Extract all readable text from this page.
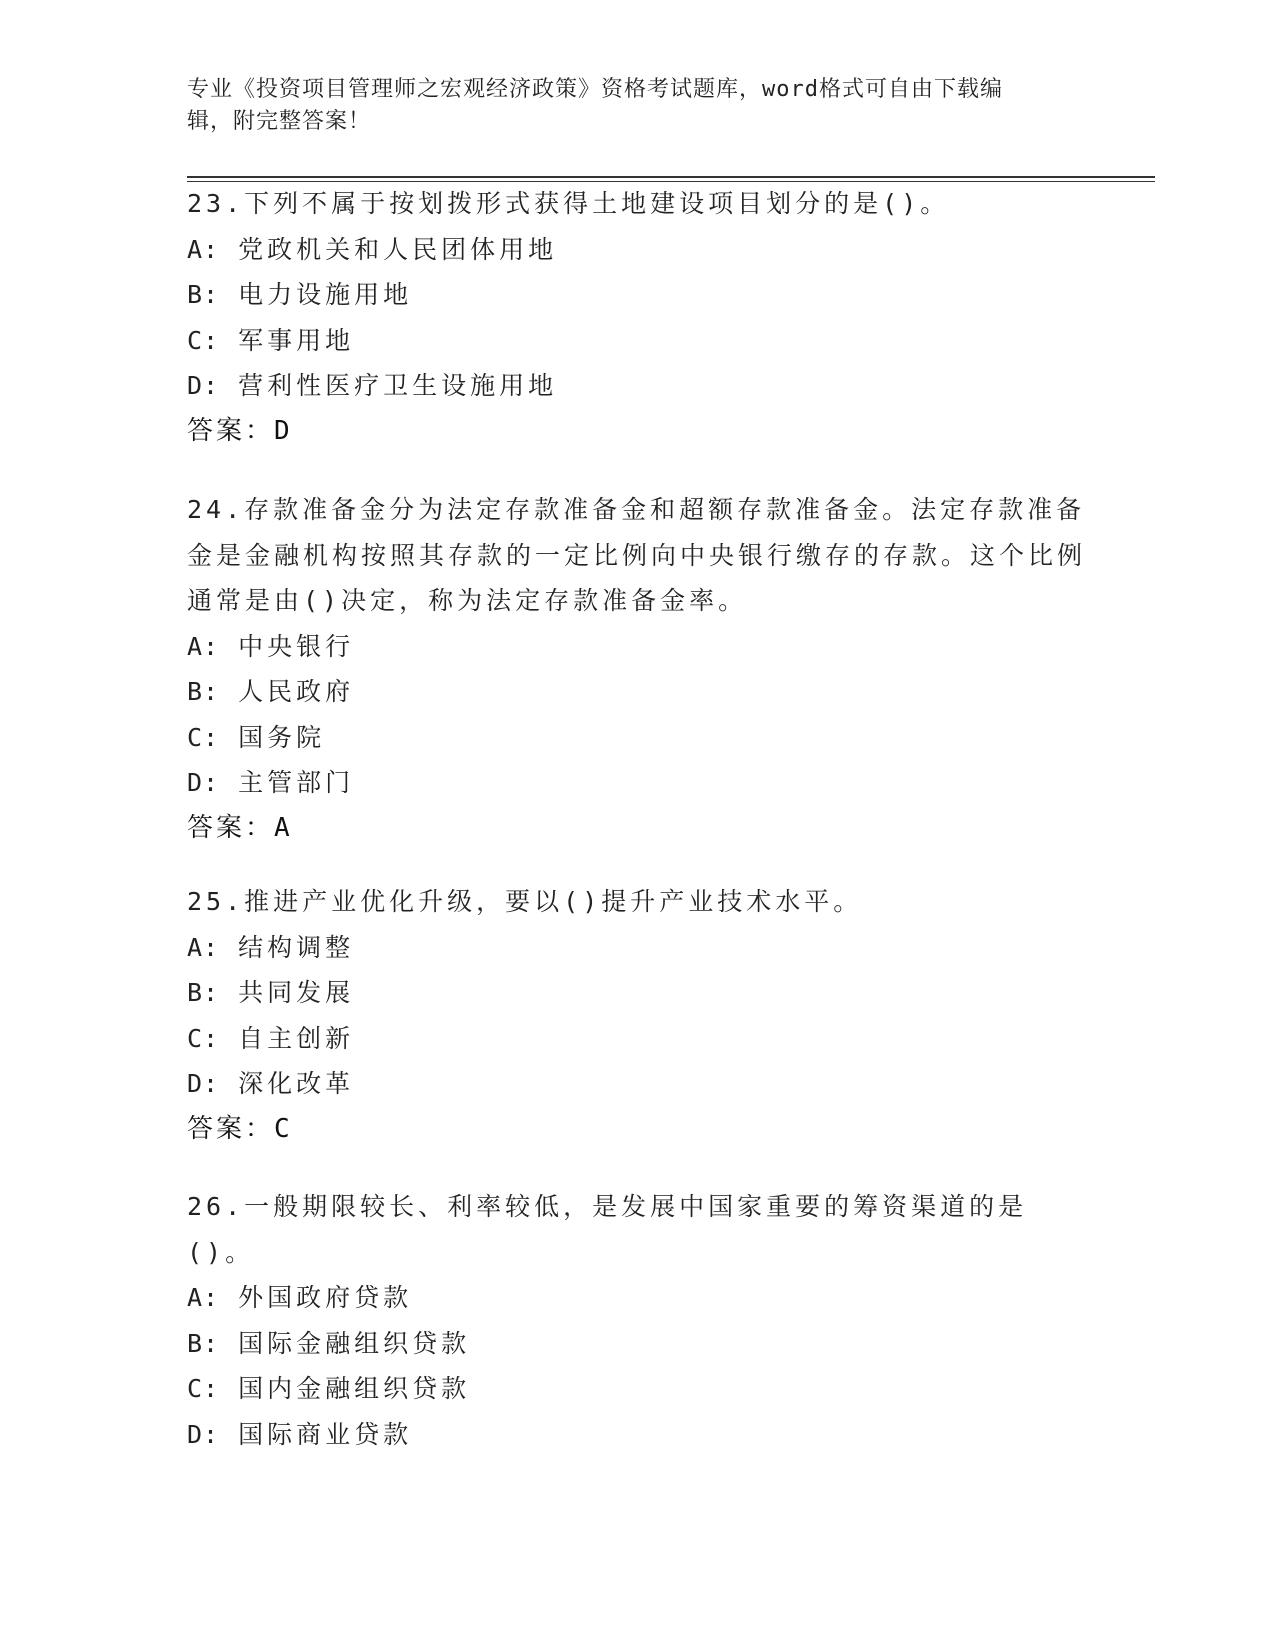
专业《投资项目管理师之宏观经济政策》资格考试题库，word格式可自由下载编
辑，附完整答案！

23.下列不属于按划拨形式获得土地建设项目划分的是()。

A: 党政机关和人民团体用地

B: 电力设施用地

C: 军事用地

D: 营利性医疗卫生设施用地

答案：D

24.存款准备金分为法定存款准备金和超额存款准备金。法定存款准备金是金融机构按照其存款的一定比例向中央银行缴存的存款。这个比例通常是由()决定，称为法定存款准备金率。

A: 中央银行

B: 人民政府

C: 国务院

D: 主管部门

答案：A

25.推进产业优化升级，要以()提升产业技术水平。

A: 结构调整

B: 共同发展

C: 自主创新

D: 深化改革

答案：C

26.一般期限较长、利率较低，是发展中国家重要的筹资渠道的是()。

A: 外国政府贷款

B: 国际金融组织贷款

C: 国内金融组织贷款

D: 国际商业贷款
